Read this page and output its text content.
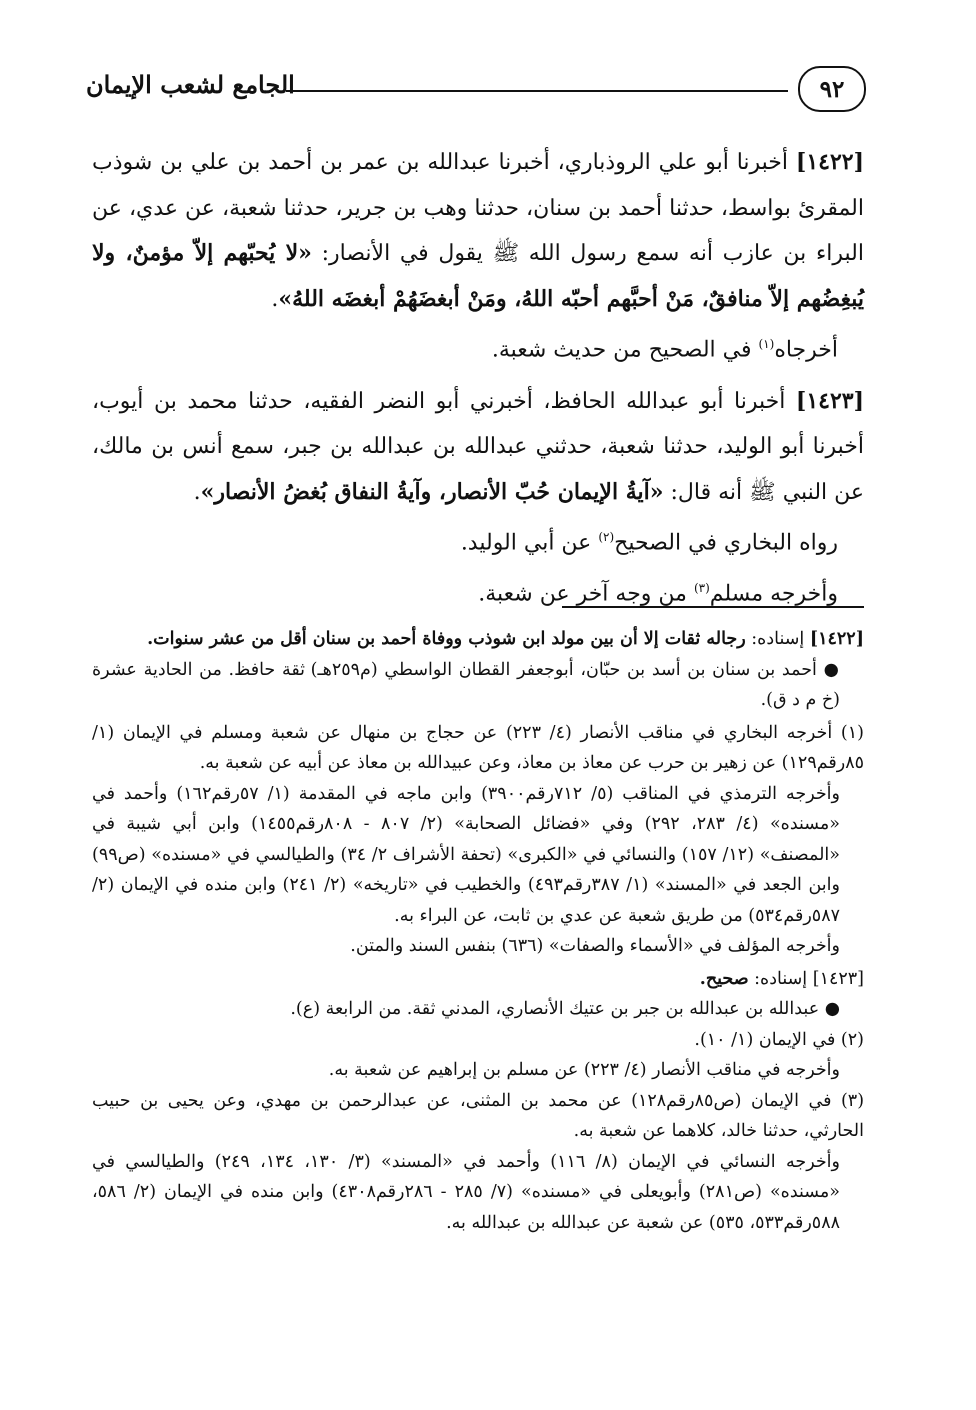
٩٢
الجامع لشعب الإيمان

[١٤٢٢] أخبرنا أبو علي الروذباري، أخبرنا عبدالله بن عمر بن أحمد بن علي بن شوذب المقرئ بواسط، حدثنا أحمد بن سنان، حدثنا وهب بن جرير، حدثنا شعبة، عن عدي، عن البراء بن عازب أنه سمع رسول الله ﷺ يقول في الأنصار: «لا يُحبّهم إلاّ مؤمنٌ، ولا يُبغِضُهم إلاّ منافقٌ، مَنْ أحبَّهم أحبّه اللهُ، ومَنْ أبغضَهُمْ أبغضَه اللهُ».

أخرجاه$^{(١)}$ في الصحيح من حديث شعبة.

[١٤٢٣] أخبرنا أبو عبدالله الحافظ، أخبرني أبو النضر الفقيه، حدثنا محمد بن أيوب، أخبرنا أبو الوليد، حدثنا شعبة، حدثني عبدالله بن عبدالله بن جبر، سمع أنس بن مالك، عن النبي ﷺ أنه قال: «آيةُ الإيمان حُبّ الأنصار، وآيةُ النفاق بُغضُ الأنصار».

رواه البخاري في الصحيح$^{(٢)}$ عن أبي الوليد.

وأخرجه مسلم$^{(٣)}$ من وجه آخر عن شعبة.

[١٤٢٢] إسناده: رجاله ثقات إلا أن بين مولد ابن شوذب ووفاة أحمد بن سنان أقل من عشر سنوات.

● أحمد بن سنان بن أسد بن حبّان، أبوجعفر القطان الواسطي (م٢٥٩هـ) ثقة حافظ. من الحادية عشرة (خ م د ق).

(١) أخرجه البخاري في مناقب الأنصار (٤/ ٢٢٣) عن حجاج بن منهال عن شعبة ومسلم في الإيمان (١/ ٨٥رقم١٢٩) عن زهير بن حرب عن معاذ بن معاذ، وعن عبيدالله بن معاذ عن أبيه عن شعبة به.

وأخرجه الترمذي في المناقب (٥/ ٧١٢رقم٣٩٠٠) وابن ماجه في المقدمة (١/ ٥٧رقم١٦٢) وأحمد في «مسنده» (٤/ ٢٨٣، ٢٩٢) وفي «فضائل الصحابة» (٢/ ٨٠٧ - ٨٠٨رقم١٤٥٥) وابن أبي شيبة في «المصنف» (١٢/ ١٥٧) والنسائي في «الكبرى» (تحفة الأشراف ٢/ ٣٤) والطيالسي في «مسنده» (ص٩٩) وابن الجعد في «المسند» (١/ ٣٨٧رقم٤٩٣) والخطيب في «تاريخه» (٢/ ٢٤١) وابن منده في الإيمان (٢/ ٥٨٧رقم٥٣٤) من طريق شعبة عن عدي بن ثابت، عن البراء به.

وأخرجه المؤلف في «الأسماء والصفات» (٦٣٦) بنفس السند والمتن.

[١٤٢٣] إسناده: صحيح.

● عبدالله بن عبدالله بن جبر بن عتيك الأنصاري، المدني ثقة. من الرابعة (ع).

(٢) في الإيمان (١/ ١٠).

وأخرجه في مناقب الأنصار (٤/ ٢٢٣) عن مسلم بن إبراهيم عن شعبة به.

(٣) في الإيمان (ص٨٥رقم١٢٨) عن محمد بن المثنى، عن عبدالرحمن بن مهدي، وعن يحيى بن حبيب الحارثي، حدثنا خالد، كلاهما عن شعبة به.

وأخرجه النسائي في الإيمان (٨/ ١١٦) وأحمد في «المسند» (٣/ ١٣٠، ١٣٤، ٢٤٩) والطيالسي في «مسنده» (ص٢٨١) وأبويعلى في «مسنده» (٧/ ٢٨٥ - ٢٨٦رقم٤٣٠٨) وابن منده في الإيمان (٢/ ٥٨٦، ٥٨٨رقم٥٣٣، ٥٣٥) عن شعبة عن عبدالله بن عبدالله به.
